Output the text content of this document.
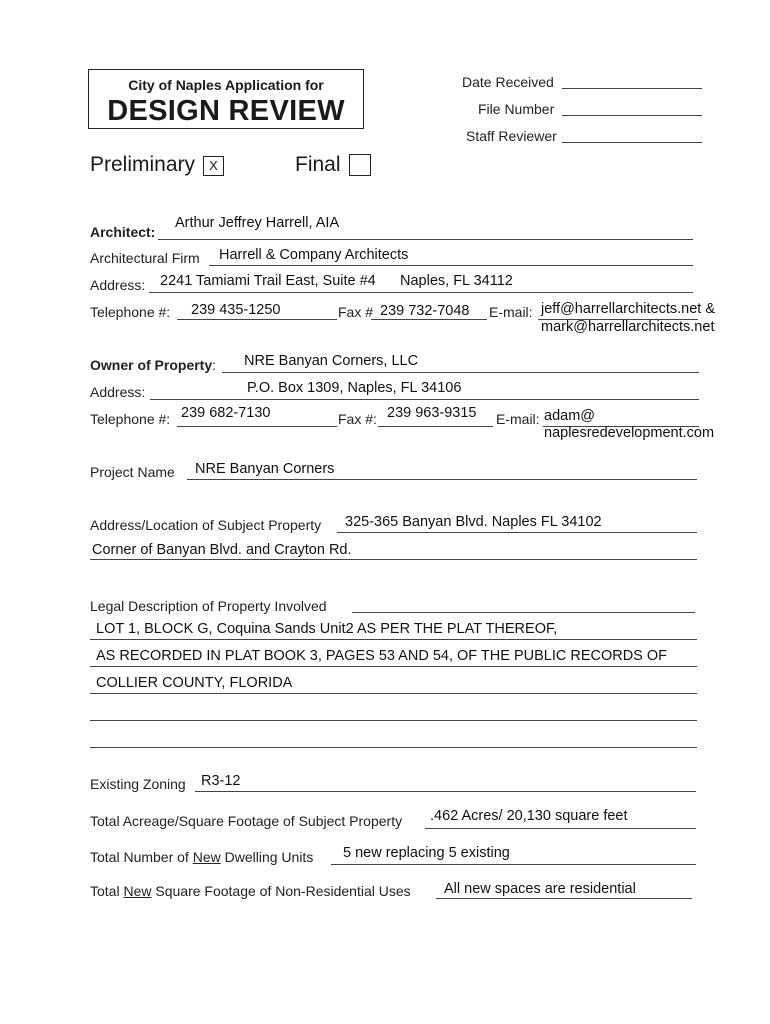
City of Naples Application for
DESIGN REVIEW
Date Received
File Number
Staff Reviewer
Preliminary	X	Final
Architect:
Arthur Jeffrey Harrell, AIA
Architectural Firm Harrell & Company Architects
Address: 2241 Tamiami Trail East, Suite #4 Naples, FL 34112
Telephone #: 239 435-1250	Fax # 239 732-7048 E-mail: jeff@harrellarchitects.net &
mark@harrellarchitects.net
Owner of Property: NRE Banyan Corners, LLC
Address:	P.O. Box 1309, Naples, FL 34106
Telephone #: 239 682-7130	Fax #: 239 963-9315 E-mail: adam@
naplesredevelopment.com
Project Name NRE Banyan Corners
Address/Location of Subject Property 325-365 Banyan Blvd. Naples FL 34102
Corner of Banyan Blvd. and Crayton Rd.
Legal Description of Property Involved
LOT 1, BLOCK G, Coquina Sands Unit2 AS PER THE PLAT THEREOF,
AS RECORDED IN PLAT BOOK 3, PAGES 53 AND 54, OF THE PUBLIC RECORDS OF
COLLIER COUNTY, FLORIDA
Existing Zoning R3-12
Total Acreage/Square Footage of Subject Property .462 Acres/ 20,130 square feet
Total Number of New Dwelling Units 5 new replacing 5 existing
Total New Square Footage of Non-Residential Uses All new spaces are residential
